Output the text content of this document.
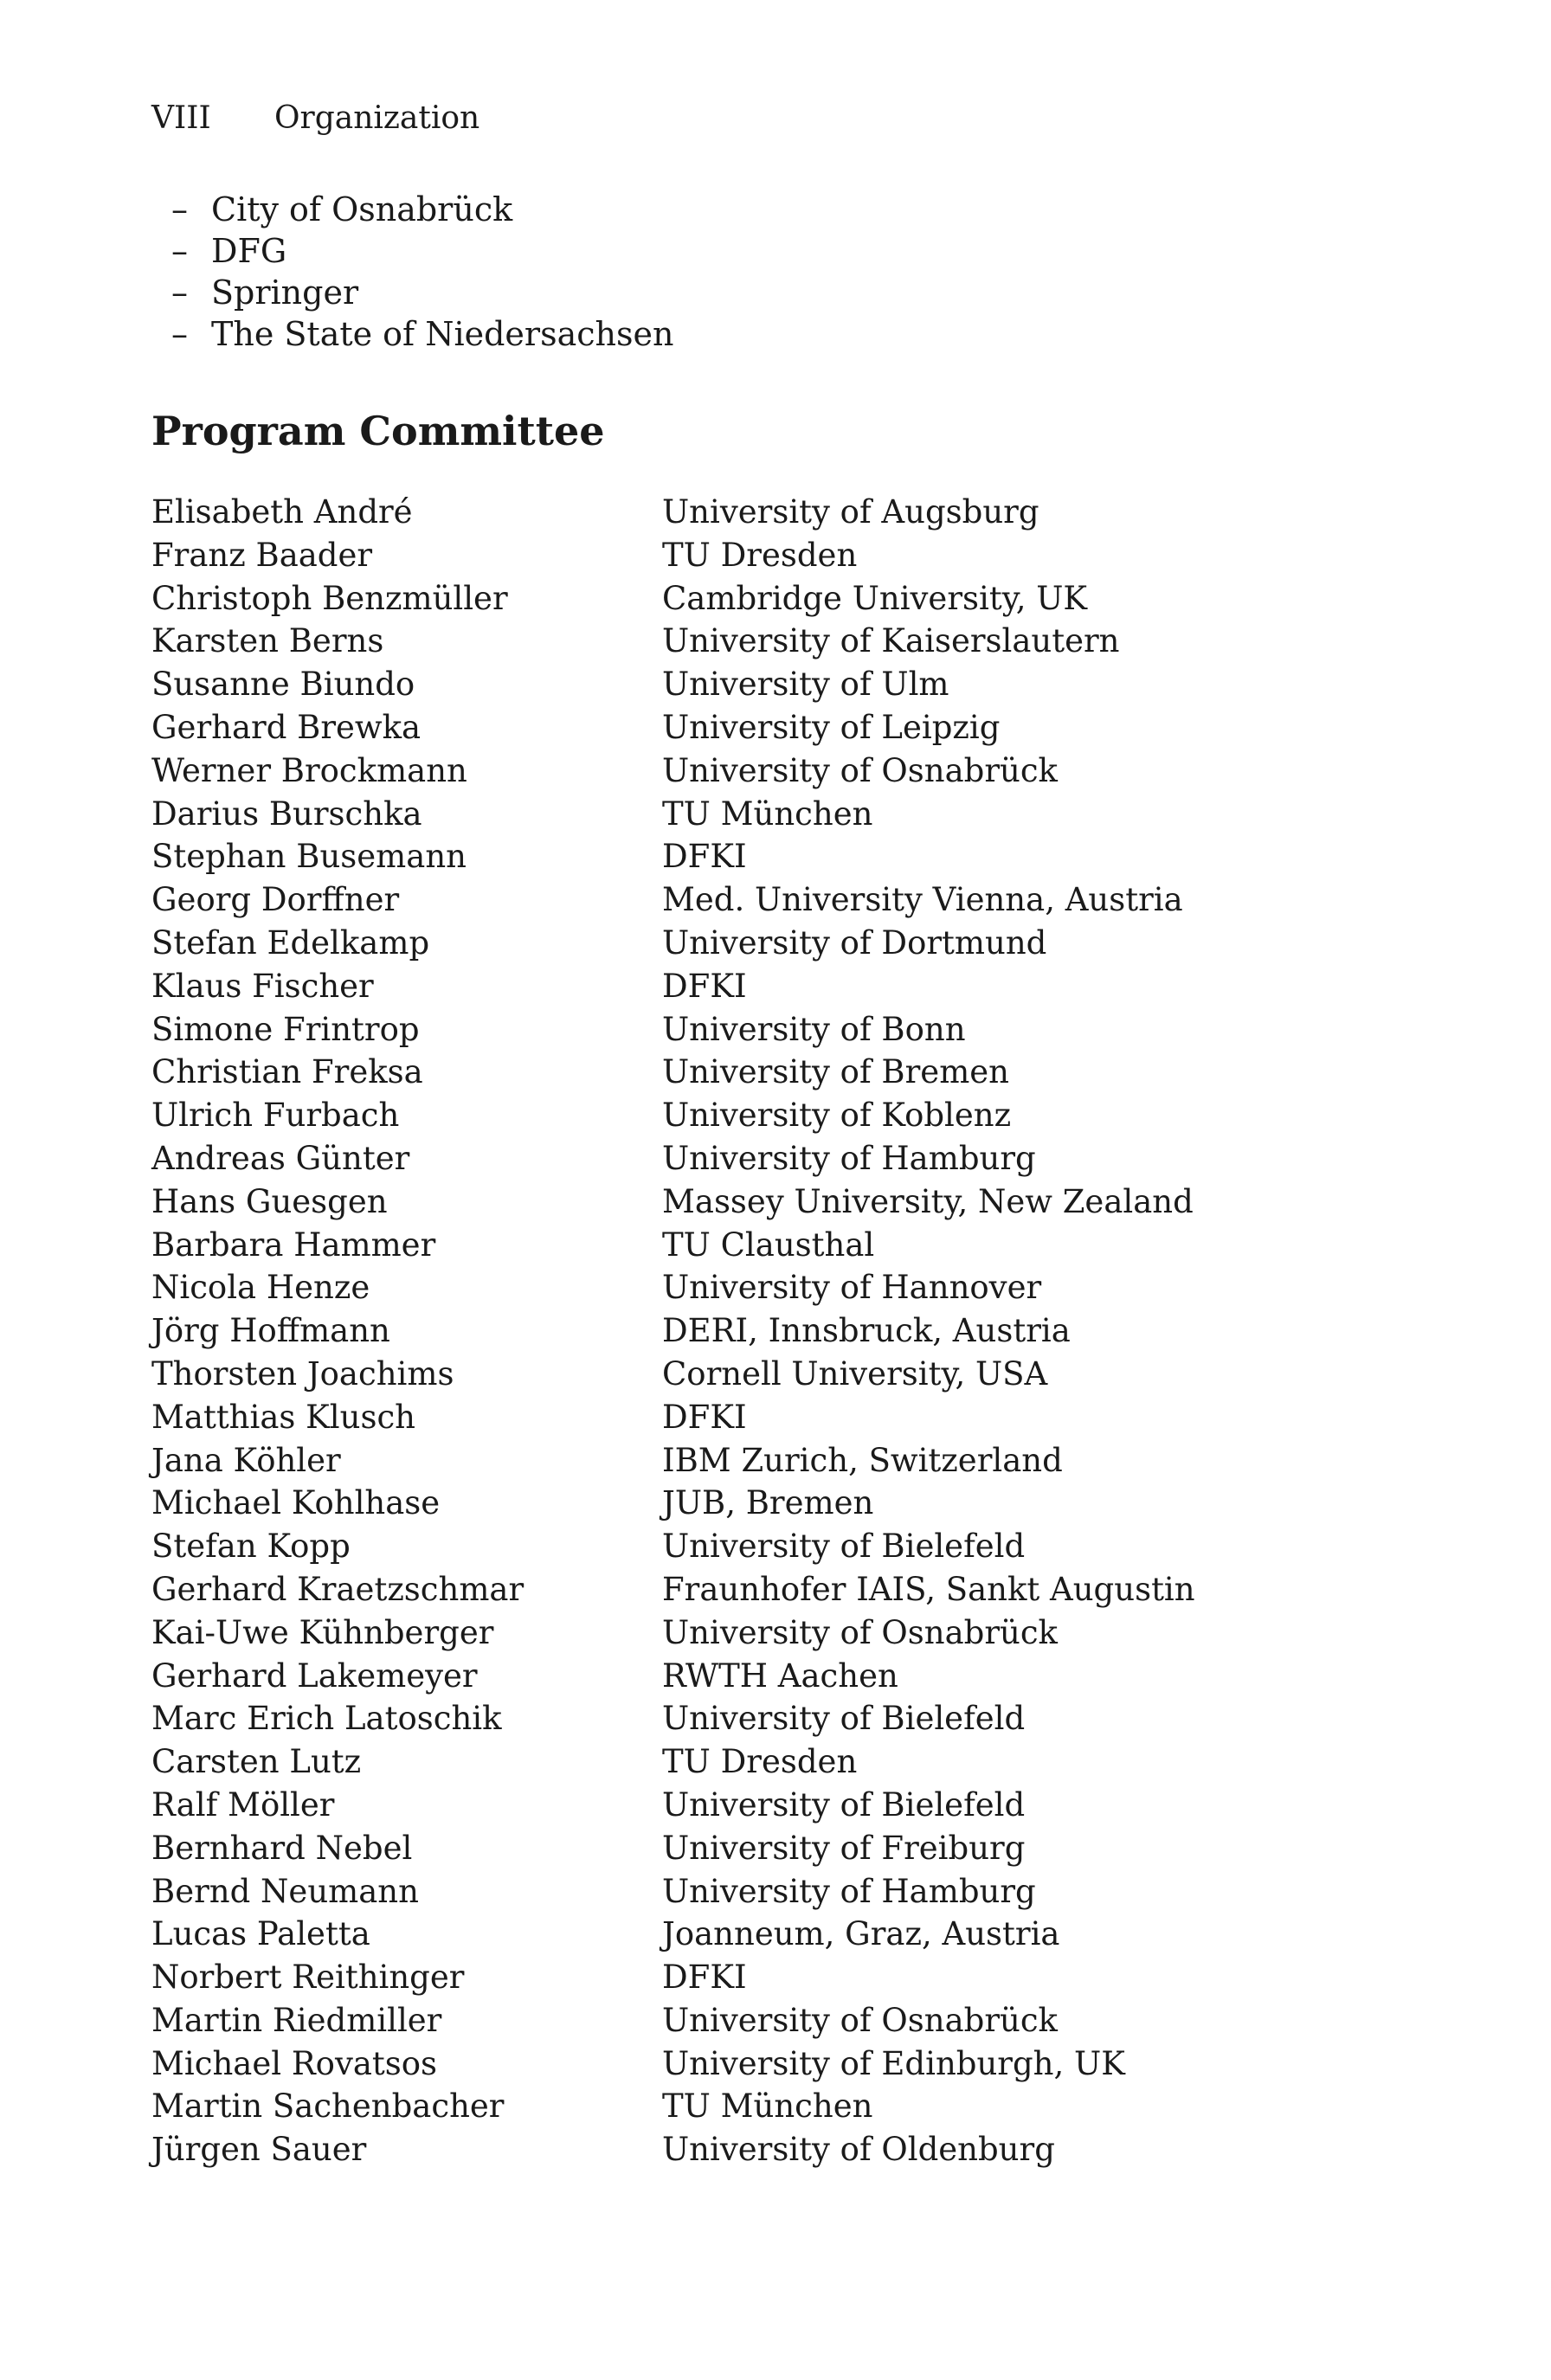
VIII Organization
– City of Osnabrück
– DFG
– Springer
– The State of Niedersachsen
Program Committee
Elisabeth André	University of Augsburg
Franz Baader	TU Dresden
Christoph Benzmüller	Cambridge University, UK
Karsten Berns	University of Kaiserslautern
Susanne Biundo	University of Ulm
Gerhard Brewka	University of Leipzig
Werner Brockmann	University of Osnabrück
Darius Burschka	TU München
Stephan Busemann	DFKI
Georg Dorffner	Med. University Vienna, Austria
Stefan Edelkamp	University of Dortmund
Klaus Fischer	DFKI
Simone Frintrop	University of Bonn
Christian Freksa	University of Bremen
Ulrich Furbach	University of Koblenz
Andreas Günter	University of Hamburg
Hans Guesgen	Massey University, New Zealand
Barbara Hammer	TU Clausthal
Nicola Henze	University of Hannover
Jörg Hoffmann	DERI, Innsbruck, Austria
Thorsten Joachims	Cornell University, USA
Matthias Klusch	DFKI
Jana Köhler	IBM Zurich, Switzerland
Michael Kohlhase	JUB, Bremen
Stefan Kopp	University of Bielefeld
Gerhard Kraetzschmar	Fraunhofer IAIS, Sankt Augustin
Kai-Uwe Kühnberger	University of Osnabrück
Gerhard Lakemeyer	RWTH Aachen
Marc Erich Latoschik	University of Bielefeld
Carsten Lutz	TU Dresden
Ralf Möller	University of Bielefeld
Bernhard Nebel	University of Freiburg
Bernd Neumann	University of Hamburg
Lucas Paletta	Joanneum, Graz, Austria
Norbert Reithinger	DFKI
Martin Riedmiller	University of Osnabrück
Michael Rovatsos	University of Edinburgh, UK
Martin Sachenbacher	TU München
Jürgen Sauer	University of Oldenburg
